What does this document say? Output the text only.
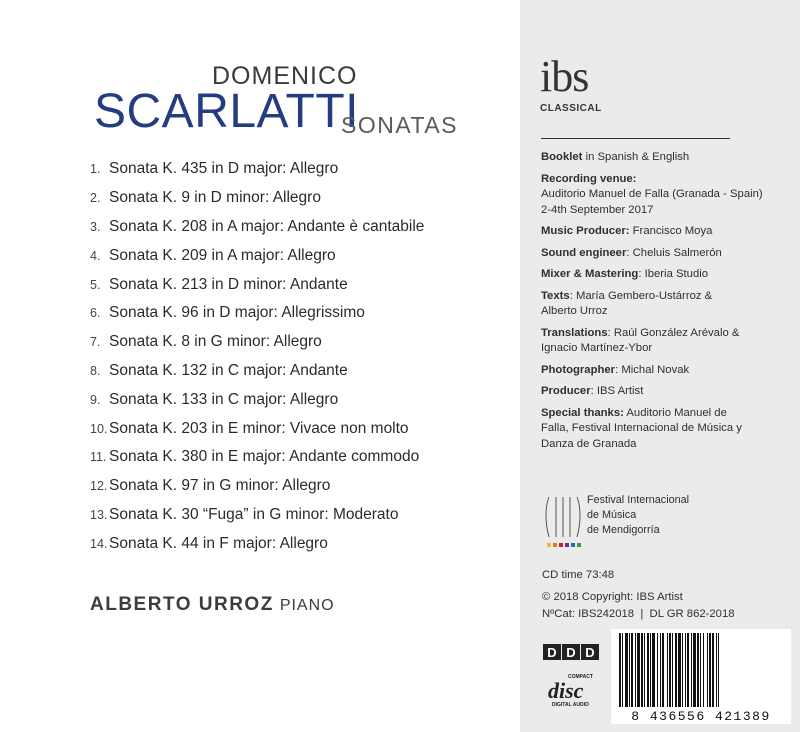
DOMENICO
SCARLATTI
SONATAS
1. Sonata K. 435 in D major: Allegro
2. Sonata K. 9 in D minor: Allegro
3. Sonata K. 208 in A major: Andante è cantabile
4. Sonata K. 209 in A major: Allegro
5. Sonata K. 213 in D minor: Andante
6. Sonata K. 96 in D major: Allegrissimo
7. Sonata K. 8 in G minor: Allegro
8. Sonata K. 132 in C major: Andante
9. Sonata K. 133 in C major: Allegro
10. Sonata K. 203 in E minor: Vivace non molto
11. Sonata K. 380 in E major: Andante commodo
12. Sonata K. 97 in G minor: Allegro
13. Sonata K. 30 “Fuga” in G minor: Moderato
14. Sonata K. 44 in F major: Allegro
ALBERTO URROZ PIANO
ibs
CLASSICAL
Booklet in Spanish & English
Recording venue:
Auditorio Manuel de Falla (Granada - Spain)
2-4th September 2017
Music Producer: Francisco Moya
Sound engineer: Cheluis Salmerón
Mixer & Mastering: Iberia Studio
Texts: María Gembero-Ustárroz &
Alberto Urroz
Translations: Raúl González Arévalo &
Ignacio Martínez-Ybor
Photographer: Michal Novak
Producer: IBS Artist
Special thanks: Auditorio Manuel de
Falla, Festival Internacional de Música y
Danza de Granada
Festival Internacional
de Música
de Mendigorría
CD time 73:48
© 2018 Copyright: IBS Artist
NºCat: IBS242018  |  DL GR 862-2018
D D D
COMPACT
disc
DIGITAL AUDIO
8 436556 421389
